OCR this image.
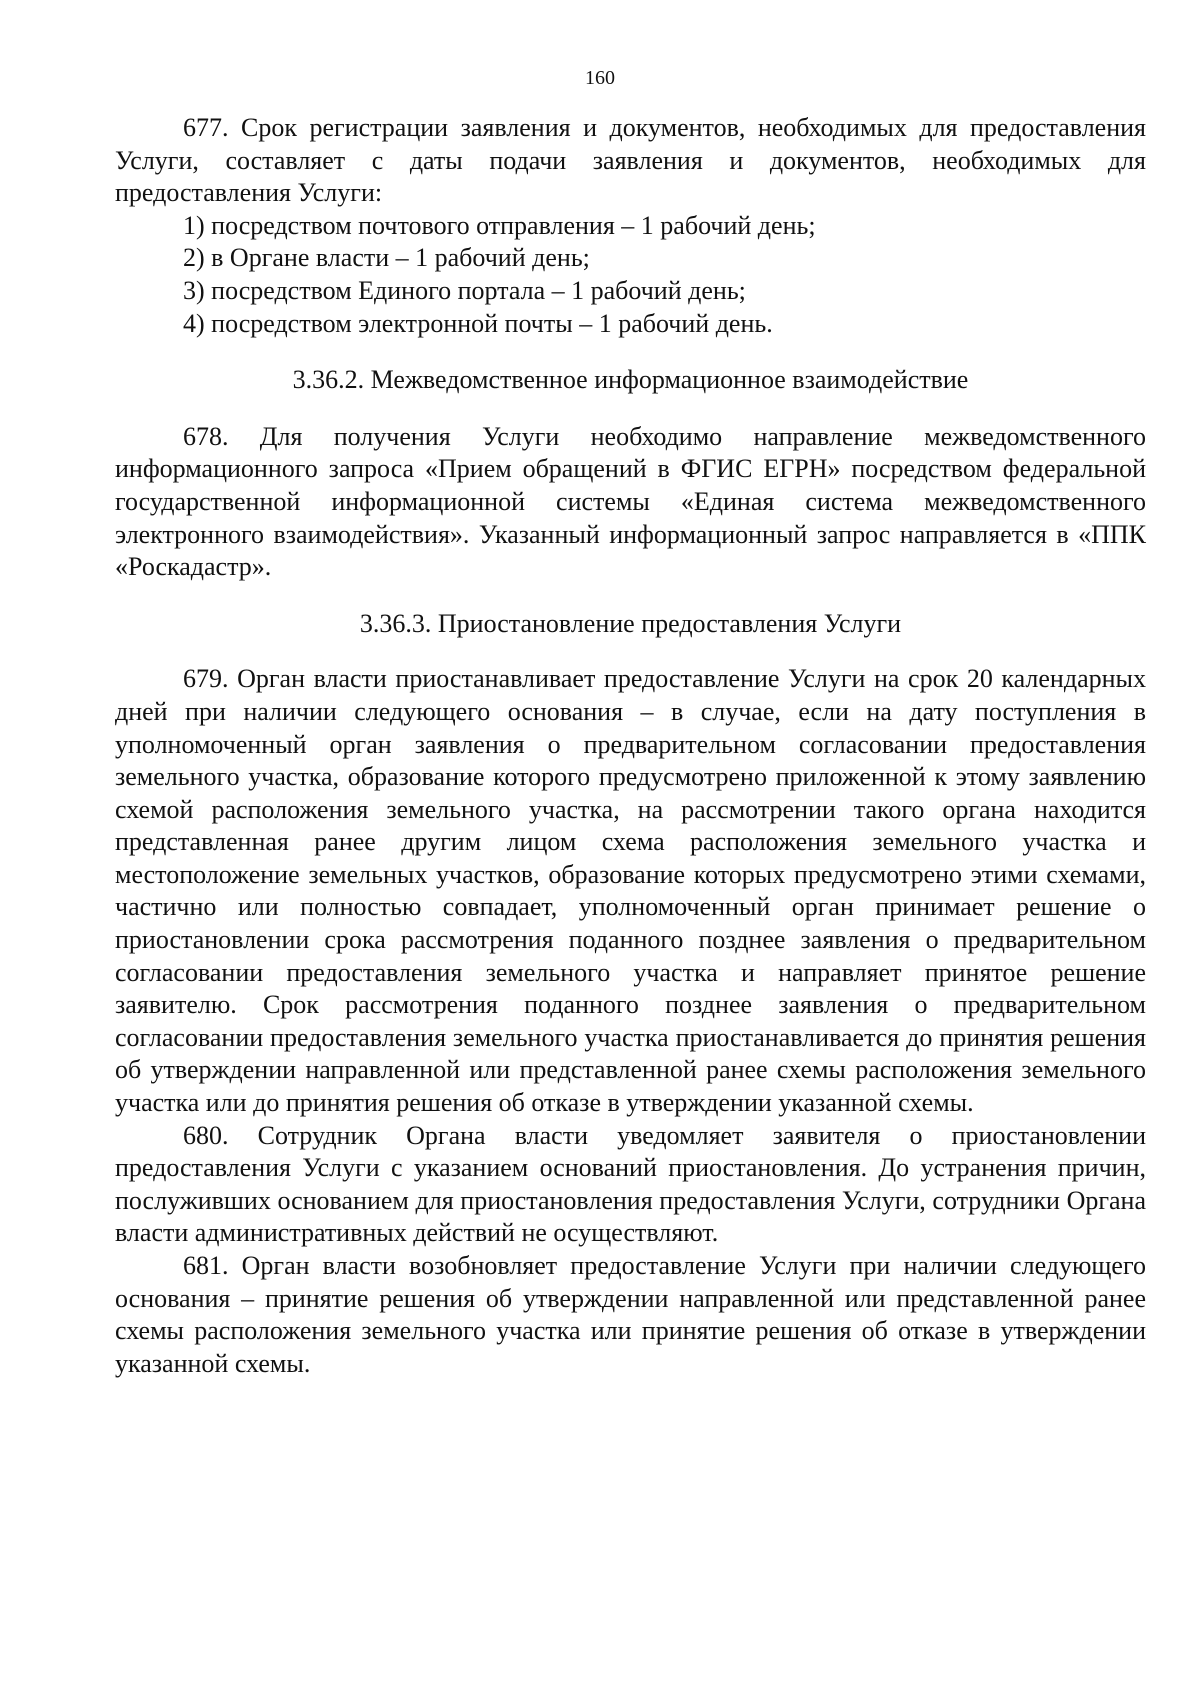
160

677. Срок регистрации заявления и документов, необходимых для предоставления Услуги, составляет с даты подачи заявления и документов, необходимых для предоставления Услуги:

1) посредством почтового отправления – 1 рабочий день;

2) в Органе власти – 1 рабочий день;

3) посредством Единого портала – 1 рабочий день;

4) посредством электронной почты – 1 рабочий день.

3.36.2. Межведомственное информационное взаимодействие

678. Для получения Услуги необходимо направление межведомственного информационного запроса «Прием обращений в ФГИС ЕГРН» посредством федеральной государственной информационной системы «Единая система межведомственного электронного взаимодействия». Указанный информационный запрос направляется в «ППК «Роскадастр».

3.36.3. Приостановление предоставления Услуги

679. Орган власти приостанавливает предоставление Услуги на срок 20 календарных дней при наличии следующего основания – в случае, если на дату поступления в уполномоченный орган заявления о предварительном согласовании предоставления земельного участка, образование которого предусмотрено приложенной к этому заявлению схемой расположения земельного участка, на рассмотрении такого органа находится представленная ранее другим лицом схема расположения земельного участка и местоположение земельных участков, образование которых предусмотрено этими схемами, частично или полностью совпадает, уполномоченный орган принимает решение о приостановлении срока рассмотрения поданного позднее заявления о предварительном согласовании предоставления земельного участка и направляет принятое решение заявителю. Срок рассмотрения поданного позднее заявления о предварительном согласовании предоставления земельного участка приостанавливается до принятия решения об утверждении направленной или представленной ранее схемы расположения земельного участка или до принятия решения об отказе в утверждении указанной схемы.

680. Сотрудник Органа власти уведомляет заявителя о приостановлении предоставления Услуги с указанием оснований приостановления. До устранения причин, послуживших основанием для приостановления предоставления Услуги, сотрудники Органа власти административных действий не осуществляют.

681. Орган власти возобновляет предоставление Услуги при наличии следующего основания – принятие решения об утверждении направленной или представленной ранее схемы расположения земельного участка или принятие решения об отказе в утверждении указанной схемы.
